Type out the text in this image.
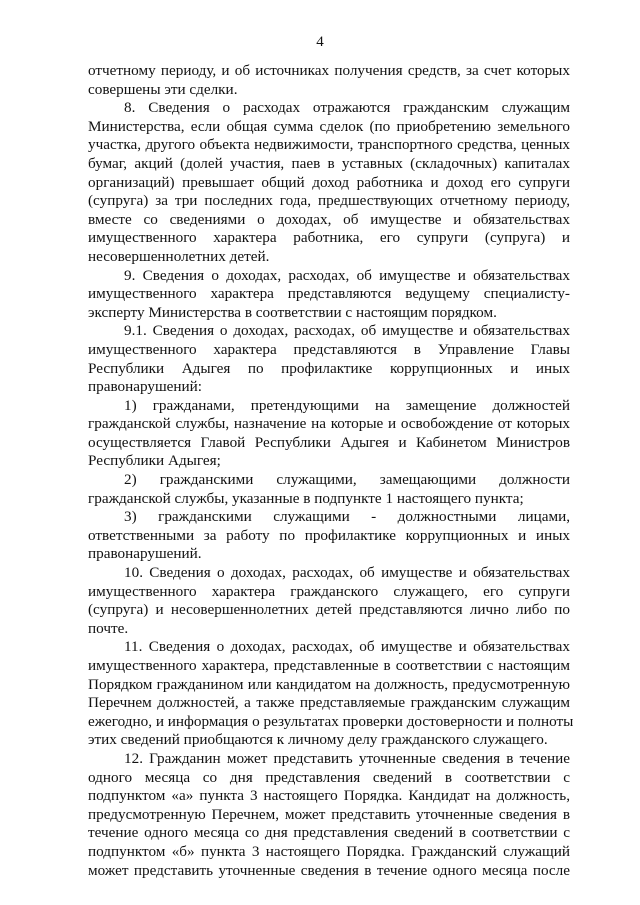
4
отчетному периоду, и об источниках получения средств, за счет которых
совершены эти сделки.
8. Сведения о расходах отражаются гражданским служащим
Министерства, если общая сумма сделок (по приобретению земельного
участка, другого объекта недвижимости, транспортного средства, ценных
бумаг, акций (долей участия, паев в уставных (складочных) капиталах
организаций) превышает общий доход работника и доход его супруги
(супруга) за три последних года, предшествующих отчетному периоду,
вместе со сведениями о доходах, об имуществе и обязательствах
имущественного характера работника, его супруги (супруга) и
несовершеннолетних детей.
9. Сведения о доходах, расходах, об имуществе и обязательствах
имущественного характера представляются ведущему специалисту-
эксперту Министерства в соответствии с настоящим порядком.
9.1. Сведения о доходах, расходах, об имуществе и обязательствах
имущественного характера представляются в Управление Главы
Республики Адыгея по профилактике коррупционных и иных
правонарушений:
1) гражданами, претендующими на замещение должностей
гражданской службы, назначение на которые и освобождение от которых
осуществляется Главой Республики Адыгея и Кабинетом Министров
Республики Адыгея;
2) гражданскими служащими, замещающими должности
гражданской службы, указанные в подпункте 1 настоящего пункта;
3) гражданскими служащими - должностными лицами,
ответственными за работу по профилактике коррупционных и иных
правонарушений.
10. Сведения о доходах, расходах, об имуществе и обязательствах
имущественного характера гражданского служащего, его супруги
(супруга) и несовершеннолетних детей представляются лично либо по
почте.
11. Сведения о доходах, расходах, об имуществе и обязательствах
имущественного характера, представленные в соответствии с настоящим
Порядком гражданином или кандидатом на должность, предусмотренную
Перечнем должностей, а также представляемые гражданским служащим
ежегодно, и информация о результатах проверки достоверности и полноты
этих сведений приобщаются к личному делу гражданского служащего.
12. Гражданин может представить уточненные сведения в течение
одного месяца со дня представления сведений в соответствии с
подпунктом «а» пункта 3 настоящего Порядка. Кандидат на должность,
предусмотренную Перечнем, может представить уточненные сведения в
течение одного месяца со дня представления сведений в соответствии с
подпунктом «б» пункта 3 настоящего Порядка. Гражданский служащий
может представить уточненные сведения в течение одного месяца после
